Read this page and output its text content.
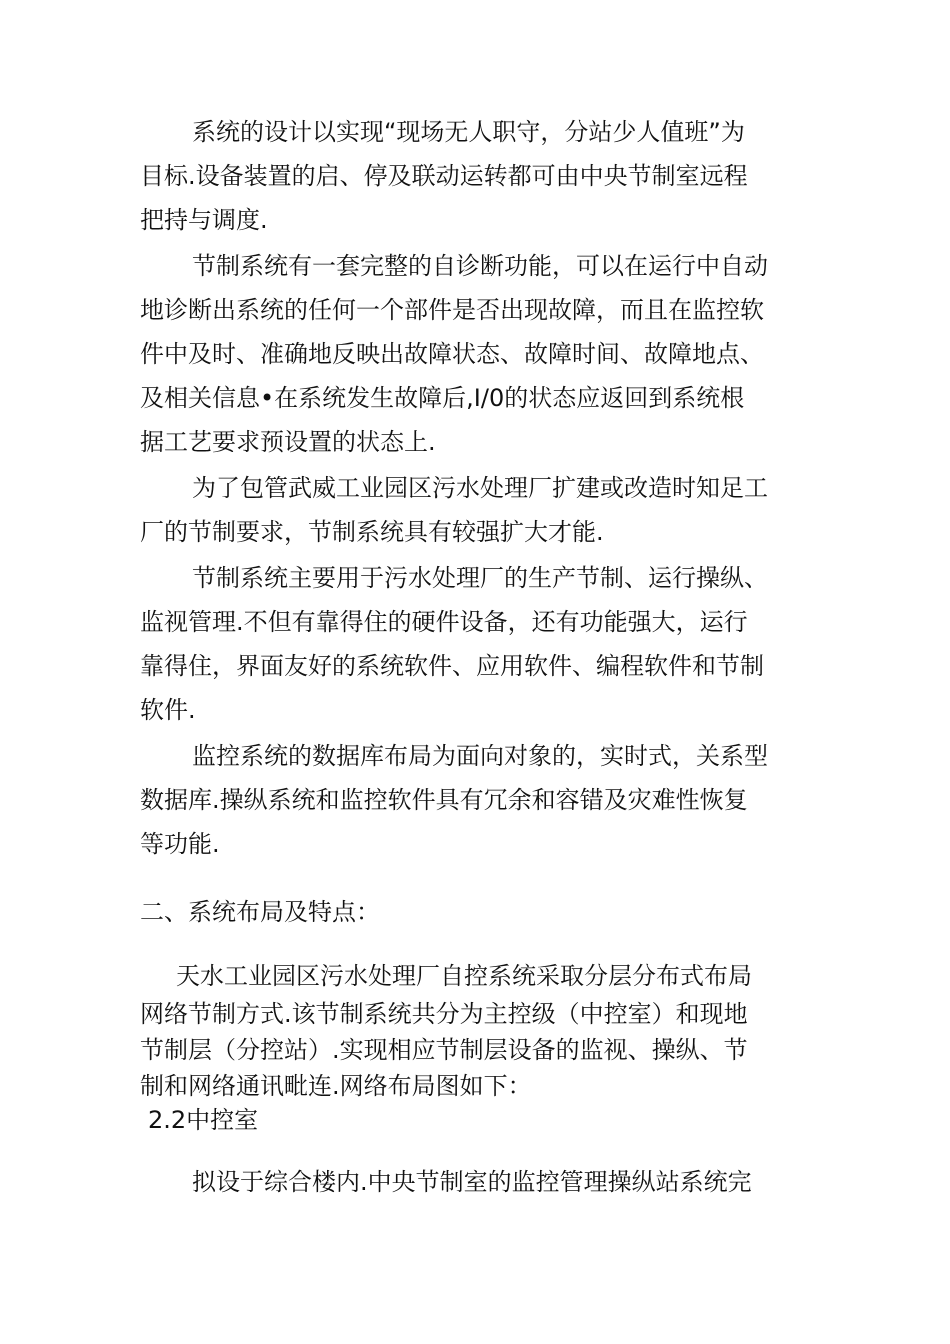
系统的设计以实现“现场无人职守，分站少人值班”为
目标.设备装置的启、停及联动运转都可由中央节制室远程
把持与调度.
节制系统有一套完整的自诊断功能，可以在运行中自动
地诊断出系统的任何一个部件是否出现故障，而且在监控软
件中及时、准确地反映出故障状态、故障时间、故障地点、
及相关信息•在系统发生故障后,I/0的状态应返回到系统根
据工艺要求预设置的状态上.
为了包管武威工业园区污水处理厂扩建或改造时知足工
厂的节制要求，节制系统具有较强扩大才能.
节制系统主要用于污水处理厂的生产节制、运行操纵、
监视管理.不但有靠得住的硬件设备，还有功能强大，运行
靠得住，界面友好的系统软件、应用软件、编程软件和节制
软件.
监控系统的数据库布局为面向对象的，实时式，关系型
数据库.操纵系统和监控软件具有冗余和容错及灾难性恢复
等功能.
二、系统布局及特点：
天水工业园区污水处理厂自控系统采取分层分布式布局
网络节制方式.该节制系统共分为主控级（中控室）和现地
节制层（分控站）.实现相应节制层设备的监视、操纵、节
制和网络通讯毗连.网络布局图如下：
2.2中控室
拟设于综合楼内.中央节制室的监控管理操纵站系统完
